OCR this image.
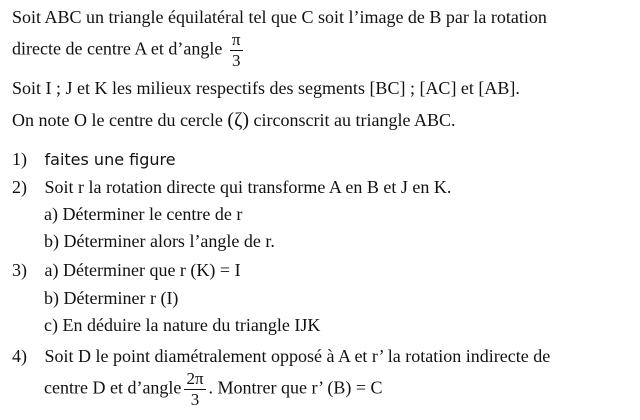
Soit ABC un triangle équilatéral tel que C soit l’image de B par la rotation
directe de centre A et d’angle $\frac{\pi}{3}$
Soit I ; J et K les milieux respectifs des segments [BC] ; [AC] et [AB].
On note O le centre du cercle (ζ) circonscrit au triangle ABC.
1) faites une figure
2) Soit r la rotation directe qui transforme A en B et J en K.
a) Déterminer le centre de r
b) Déterminer alors l’angle de r.
3) a) Déterminer que r (K) = I
b) Déterminer r (I)
c) En déduire la nature du triangle IJK
4) Soit D le point diamétralement opposé à A et r’ la rotation indirecte de
centre D et d’angle $\frac{2\pi}{3}$ . Montrer que r’ (B) = C
